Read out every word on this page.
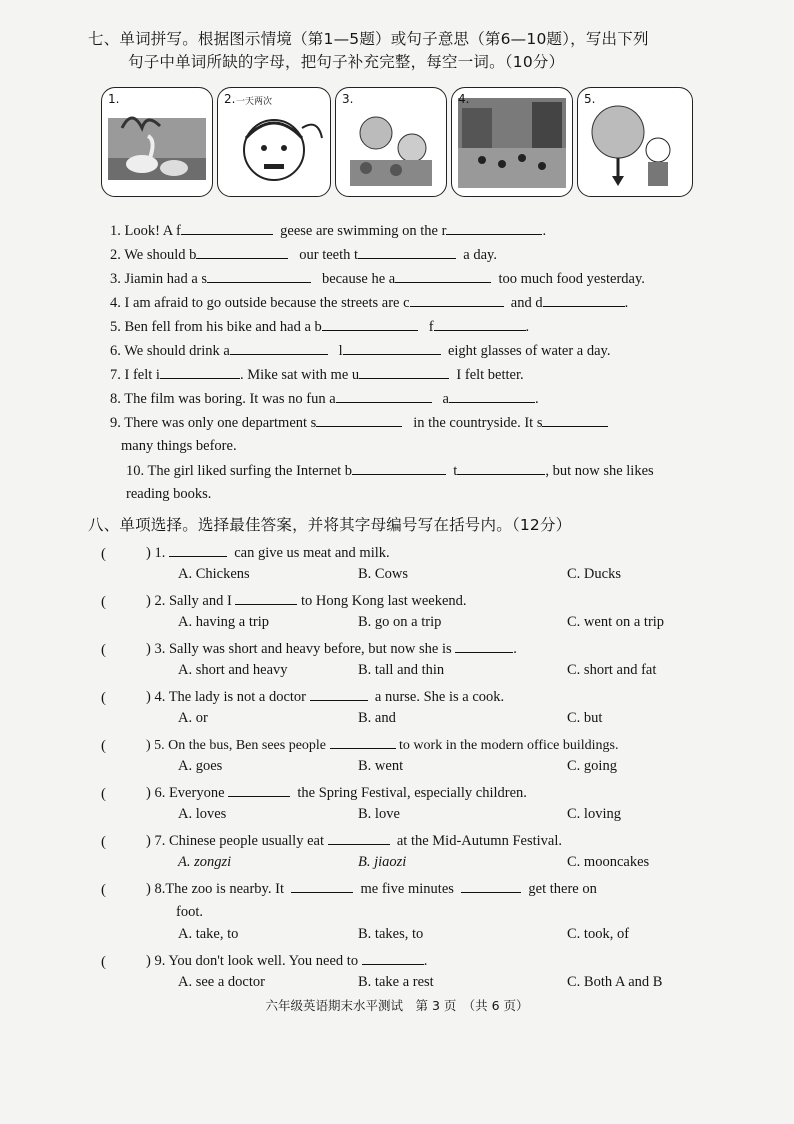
七、单词拼写。根据图示情境（第1—5题）或句子意思（第6—10题），写出下列
句子中单词所缺的字母，把句子补充完整，每空一词。（10分）
1.	2. 一天两次	3.	4.	5.
1. Look! A f	geese are swimming on the r	.
2. We should b	our teeth t	a day.
3. Jiamin had a s	because he a	too much food yesterday.
4. I am afraid to go outside because the streets are c	and d	.
5. Ben fell from his bike and had a b	f	.
6. We should drink a	l	eight glasses of water a day.
7. I felt i	. Mike sat with me u	I felt better.
8. The film was boring. It was no fun a	a	.
9. There was only one department s	in the countryside. It s
many things before.
10. The girl liked surfing the Internet b	t	, but now she likes
reading books.
八、单项选择。选择最佳答案，并将其字母编号写在括号内。（12分）
(　  ) 1.	can give us meat and milk.
A. Chickens	B. Cows	C. Ducks
(　  ) 2. Sally and I	to Hong Kong last weekend.
A. having a trip	B. go on a trip	C. went on a trip
(　  ) 3. Sally was short and heavy before, but now she is	.
A. short and heavy	B. tall and thin	C. short and fat
(　  ) 4. The lady is not a doctor	a nurse. She is a cook.
A. or	B. and	C. but
(　  ) 5. On the bus, Ben sees people	to work in the modern office buildings.
A. goes	B. went	C. going
(　  ) 6. Everyone	the Spring Festival, especially children.
A. loves	B. love	C. loving
(　  ) 7. Chinese people usually eat	at the Mid-Autumn Festival.
A. zongzi	B. jiaozi	C. mooncakes
(　  ) 8.The zoo is nearby. It	me five minutes	get there on
foot.
A. take, to	B. takes, to	C. took, of
(　  ) 9. You don't look well. You need to	.
A. see a doctor	B. take a rest	C. Both A and B
六年级英语期末水平测试　第 3 页　（共 6 页）
